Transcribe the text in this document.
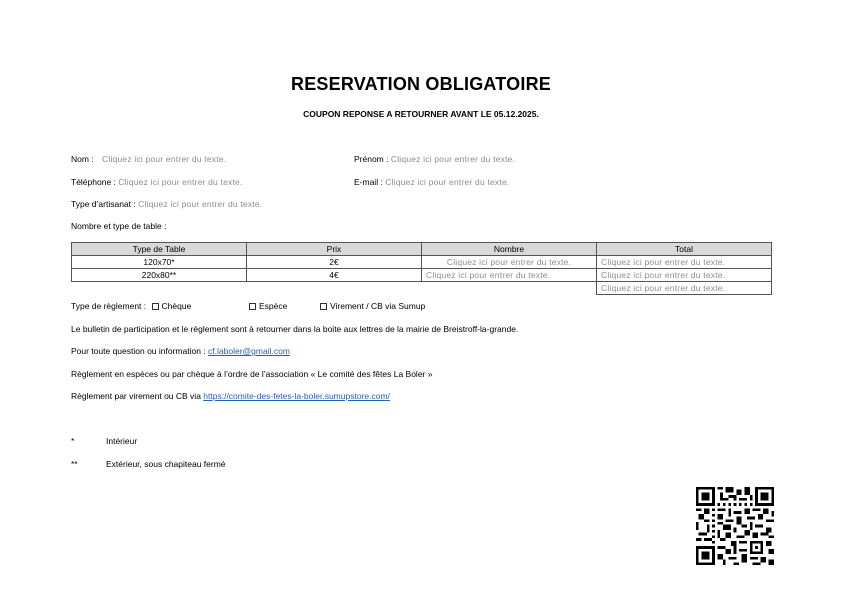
RESERVATION OBLIGATOIRE
COUPON REPONSE A RETOURNER AVANT LE 05.12.2025.
Nom : Cliquez ici pour entrer du texte.	Prénom : Cliquez ici pour entrer du texte.
Téléphone : Cliquez ici pour entrer du texte.	E-mail : Cliquez ici pour entrer du texte.
Type d’artisanat : Cliquez ici pour entrer du texte.
Nombre et type de table :
Type de Table	Prix	Nombre	Total
120x70*	2€	Cliquez ici pour entrer du texte.	Cliquez ici pour entrer du texte.
220x80**	4€	Cliquez ici pour entrer du texte.	Cliquez ici pour entrer du texte.
			Cliquez ici pour entrer du texte.
Type de règlement : Chèque	Espèce	Virement / CB via Sumup
Le bulletin de participation et le règlement sont à retourner dans la boite aux lettres de la mairie de Breistroff-la-grande.
Pour toute question ou information : cf.laboler@gmail.com
Règlement en espèces ou par chèque à l’ordre de l’association « Le comité des fêtes La Boler »
Règlement par virement ou CB via https://comite-des-fetes-la-boler.sumupstore.com/
*	Intérieur
**	Extérieur, sous chapiteau fermé
